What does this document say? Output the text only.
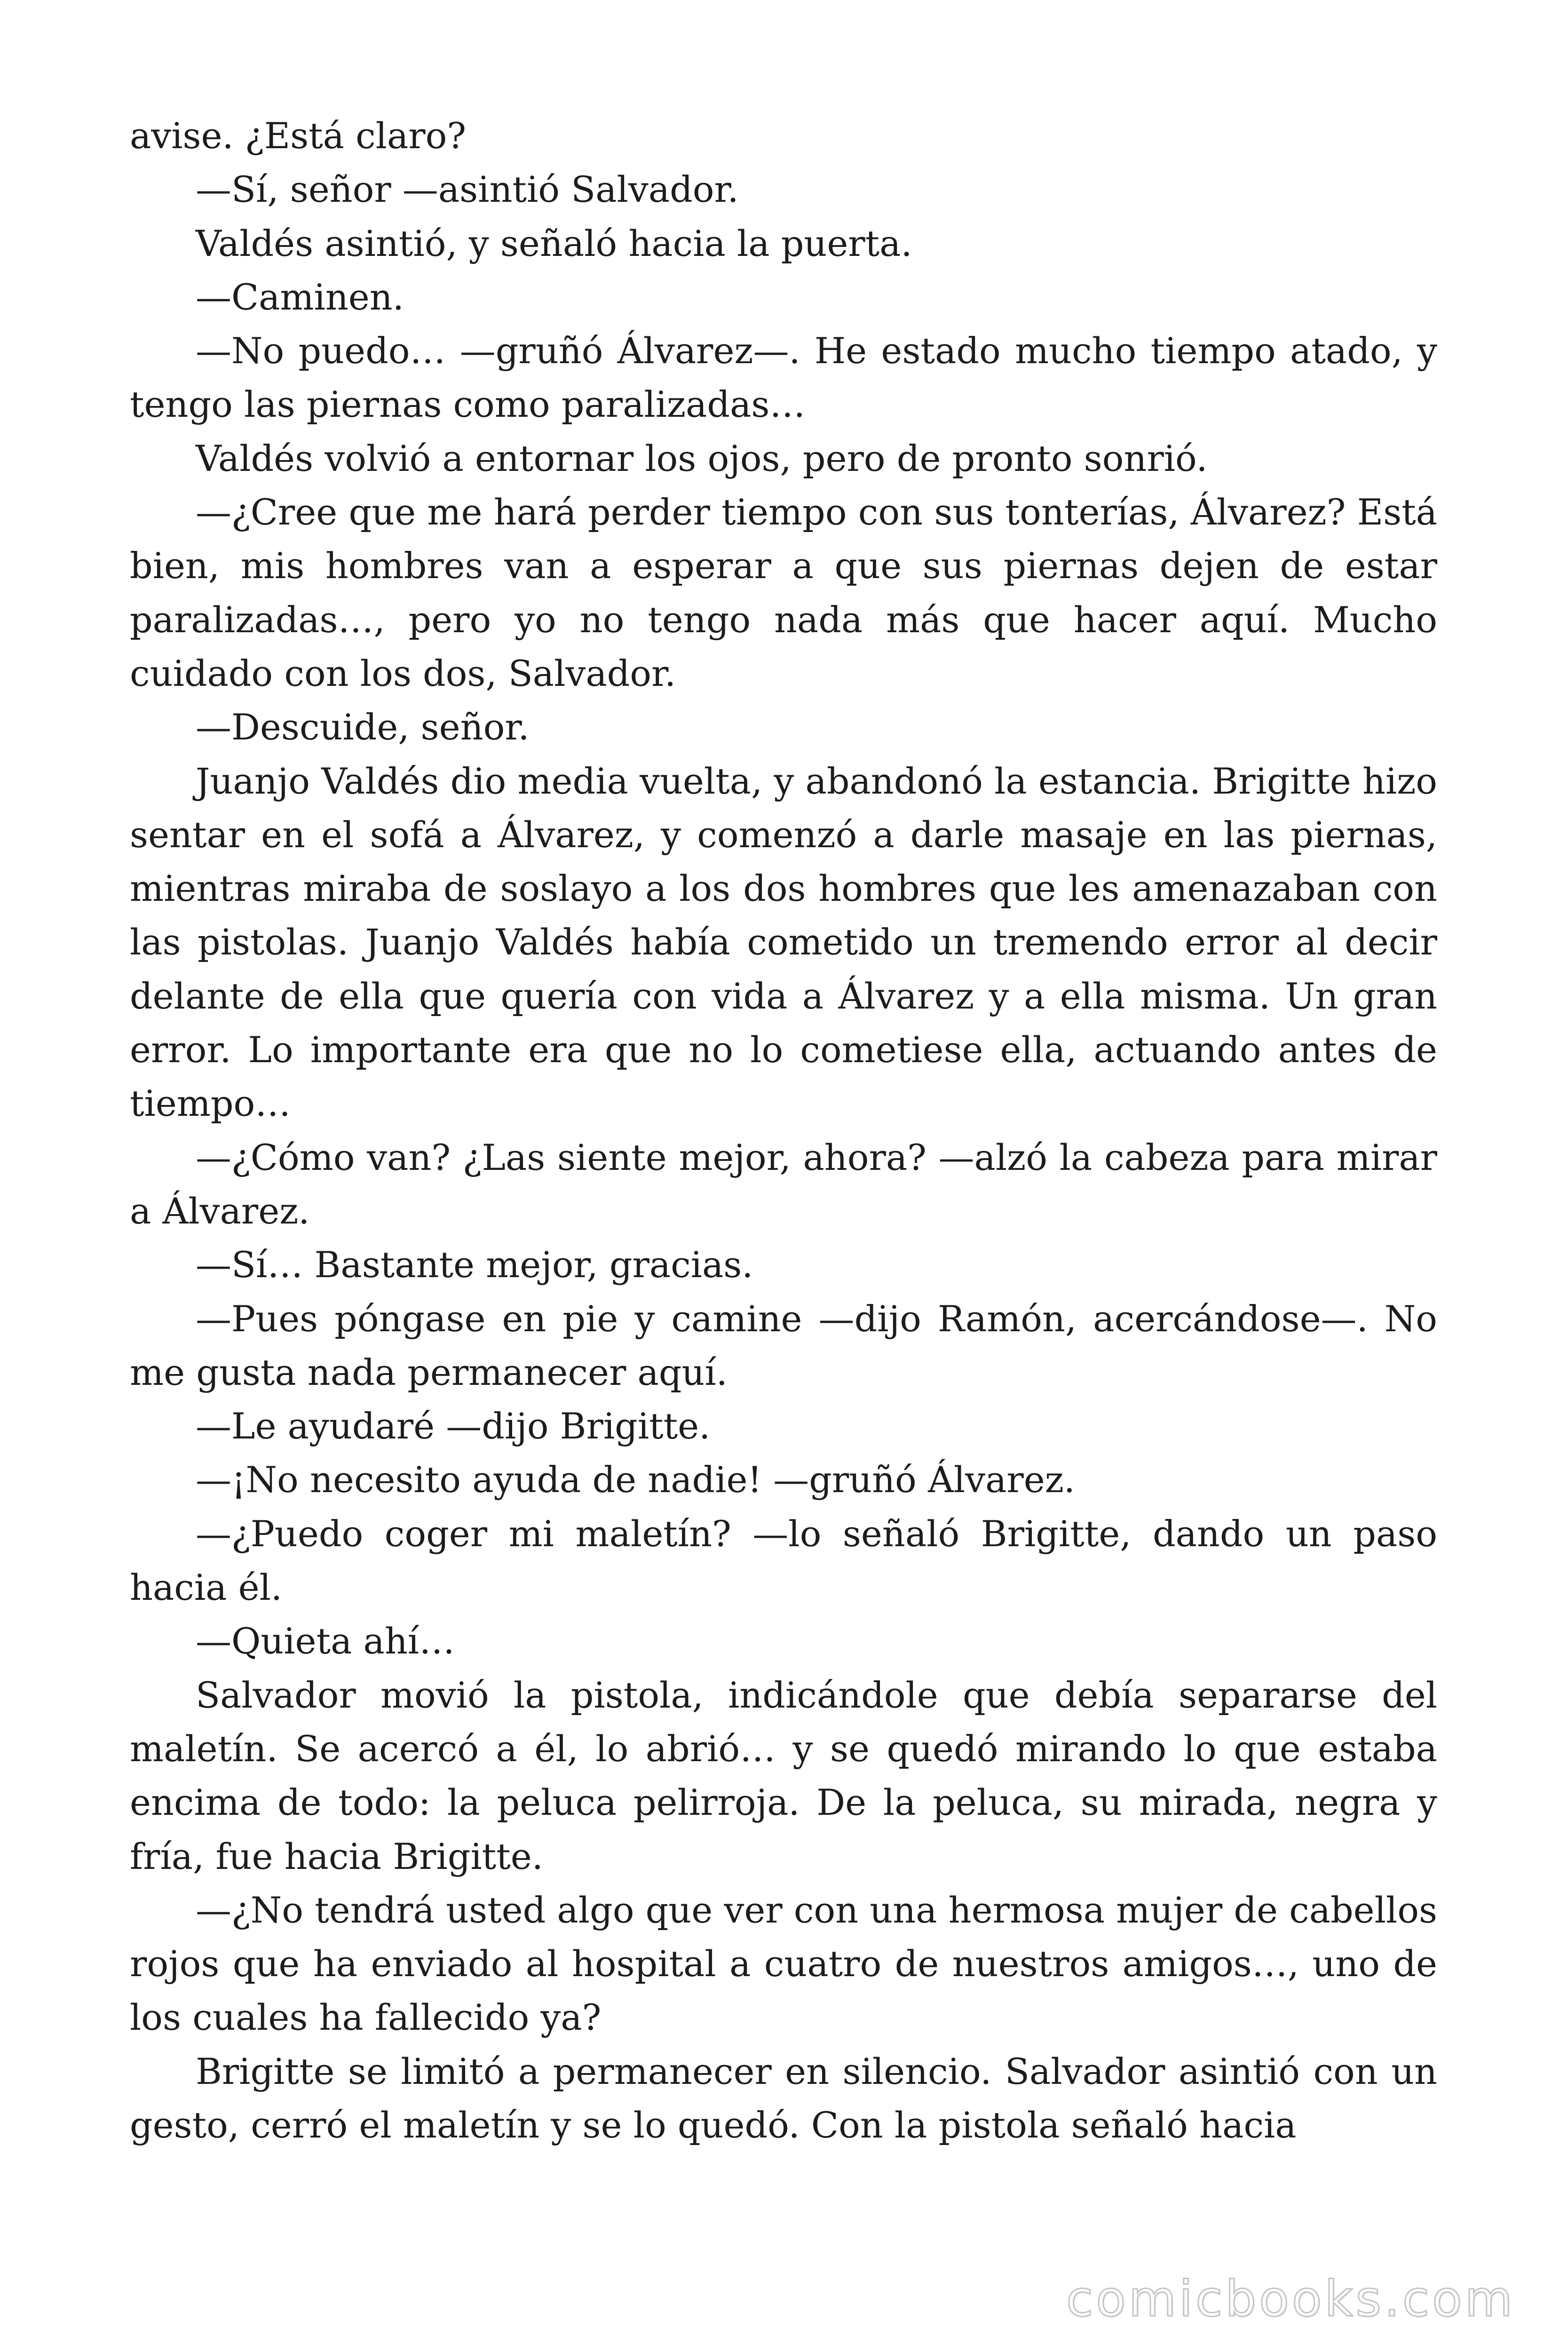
avise. ¿Está claro?

—Sí, señor —asintió Salvador.

Valdés asintió, y señaló hacia la puerta.

—Caminen.

—No puedo… —gruñó Álvarez—. He estado mucho tiempo atado, y tengo las piernas como paralizadas…

Valdés volvió a entornar los ojos, pero de pronto sonrió.

—¿Cree que me hará perder tiempo con sus tonterías, Álvarez? Está bien, mis hombres van a esperar a que sus piernas dejen de estar paralizadas…, pero yo no tengo nada más que hacer aquí. Mucho cuidado con los dos, Salvador.

—Descuide, señor.

Juanjo Valdés dio media vuelta, y abandonó la estancia. Brigitte hizo sentar en el sofá a Álvarez, y comenzó a darle masaje en las piernas, mientras miraba de soslayo a los dos hombres que les amenazaban con las pistolas. Juanjo Valdés había cometido un tremendo error al decir delante de ella que quería con vida a Álvarez y a ella misma. Un gran error. Lo importante era que no lo cometiese ella, actuando antes de tiempo…

—¿Cómo van? ¿Las siente mejor, ahora? —alzó la cabeza para mirar a Álvarez.

—Sí… Bastante mejor, gracias.

—Pues póngase en pie y camine —dijo Ramón, acercándose—. No me gusta nada permanecer aquí.

—Le ayudaré —dijo Brigitte.

—¡No necesito ayuda de nadie! —gruñó Álvarez.

—¿Puedo coger mi maletín? —lo señaló Brigitte, dando un paso hacia él.

—Quieta ahí…

Salvador movió la pistola, indicándole que debía separarse del maletín. Se acercó a él, lo abrió… y se quedó mirando lo que estaba encima de todo: la peluca pelirroja. De la peluca, su mirada, negra y fría, fue hacia Brigitte.

—¿No tendrá usted algo que ver con una hermosa mujer de cabellos rojos que ha enviado al hospital a cuatro de nuestros amigos…, uno de los cuales ha fallecido ya?

Brigitte se limitó a permanecer en silencio. Salvador asintió con un gesto, cerró el maletín y se lo quedó. Con la pistola señaló hacia

comicbooks.com
